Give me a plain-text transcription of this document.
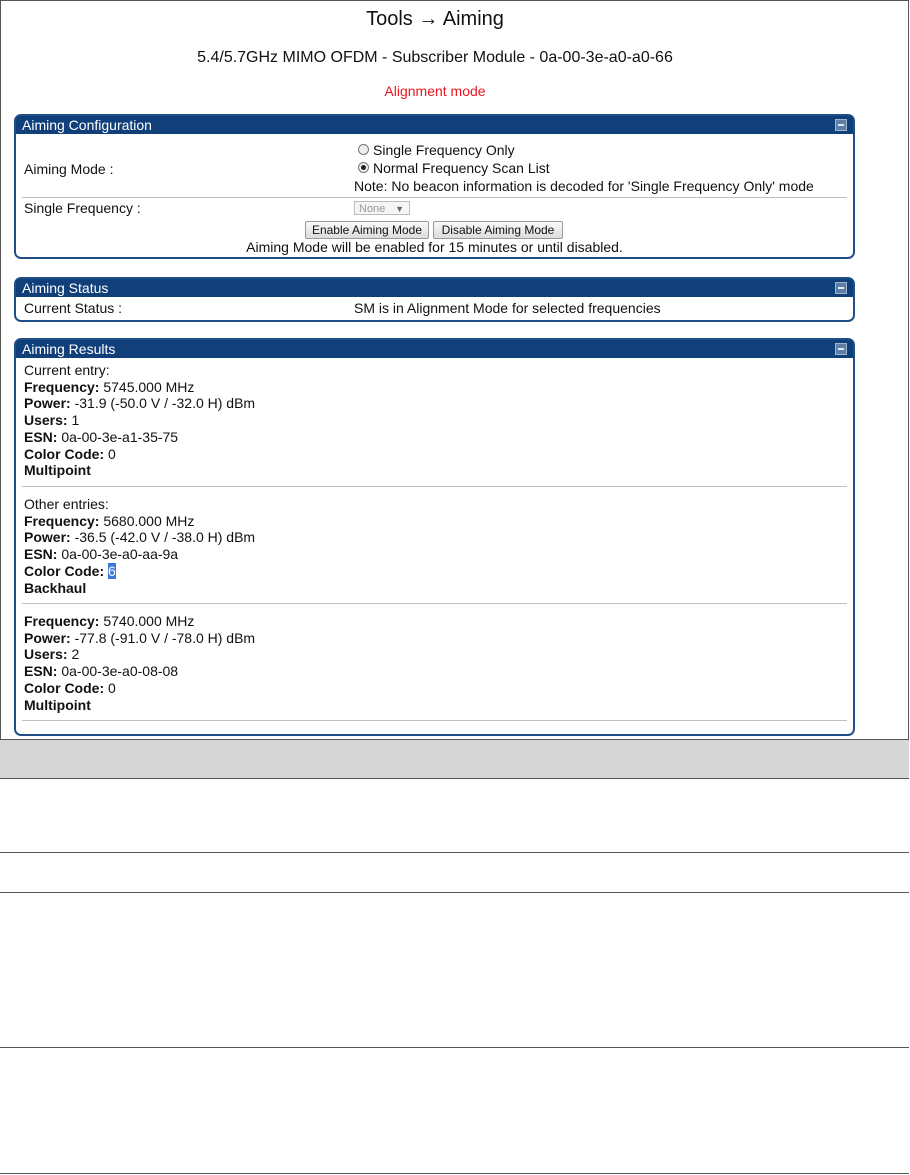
Tools → Aiming
5.4/5.7GHz MIMO OFDM - Subscriber Module - 0a-00-3e-a0-a0-66
Alignment mode
Aiming Configuration
Aiming Mode :
Single Frequency Only
Normal Frequency Scan List
Note: No beacon information is decoded for 'Single Frequency Only' mode
Single Frequency :	None ▼
Enable Aiming Mode	Disable Aiming Mode
Aiming Mode will be enabled for 15 minutes or until disabled.
Aiming Status
Current Status :	SM is in Alignment Mode for selected frequencies
Aiming Results
Current entry:
Frequency: 5745.000 MHz
Power: -31.9 (-50.0 V / -32.0 H) dBm
Users: 1
ESN: 0a-00-3e-a1-35-75
Color Code: 0
Multipoint
Other entries:
Frequency: 5680.000 MHz
Power: -36.5 (-42.0 V / -38.0 H) dBm
ESN: 0a-00-3e-a0-aa-9a
Color Code: 6
Backhaul
Frequency: 5740.000 MHz
Power: -77.8 (-91.0 V / -78.0 H) dBm
Users: 2
ESN: 0a-00-3e-a0-08-08
Color Code: 0
Multipoint
